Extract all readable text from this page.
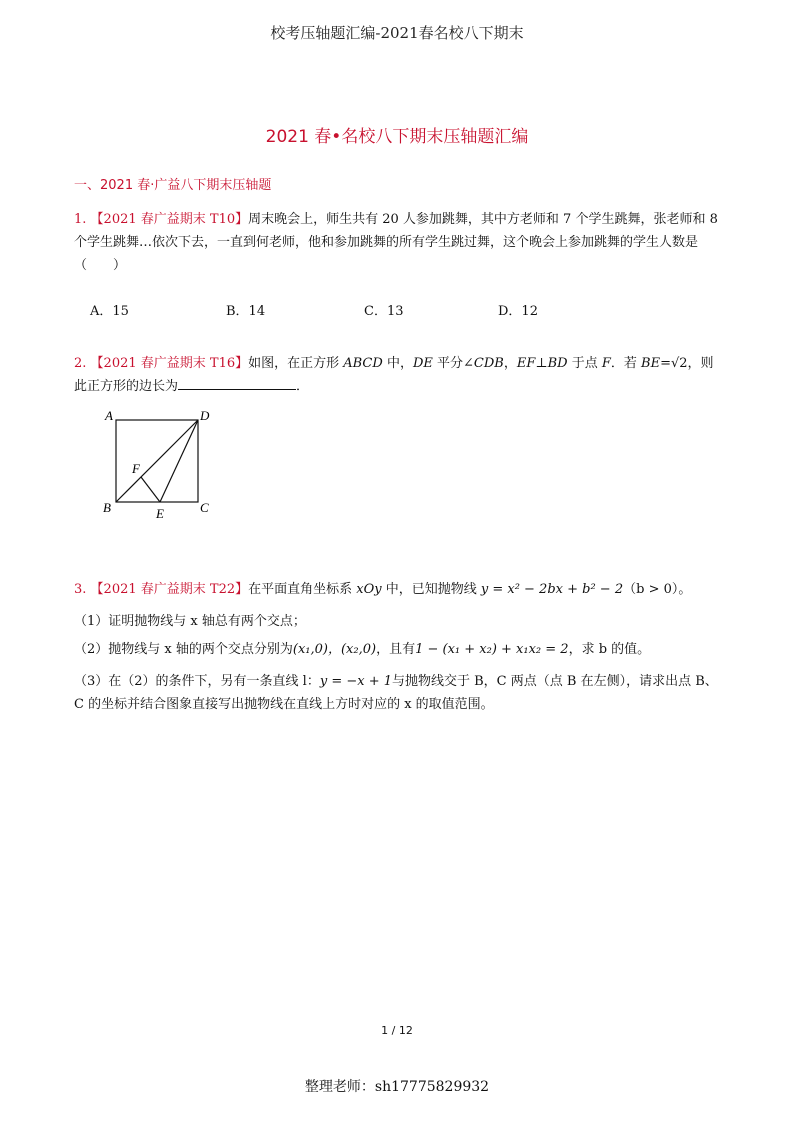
校考压轴题汇编-2021春名校八下期末
2021 春•名校八下期末压轴题汇编
一、2021 春·广益八下期末压轴题
1. 【2021 春广益期末 T10】周末晚会上，师生共有 20 人参加跳舞，其中方老师和 7 个学生跳舞，张老师和 8 个学生跳舞…依次下去，一直到何老师，他和参加跳舞的所有学生跳过舞，这个晚会上参加跳舞的学生人数是（　　）
A．15	B．14	C．13	D．12
2. 【2021 春广益期末 T16】如图，在正方形 ABCD 中，DE 平分∠CDB，EF⊥BD 于点 F．若 BE=√2，则此正方形的边长为	．
A	D
B	C
E
F
3. 【2021 春广益期末 T22】在平面直角坐标系 xOy 中，已知抛物线 y = x² − 2bx + b² − 2（b > 0）。
（1）证明抛物线与 x 轴总有两个交点；
（2）抛物线与 x 轴的两个交点分别为(x₁,0)，(x₂,0)，且有1 − (x₁ + x₂) + x₁x₂ = 2，求 b 的值。
（3）在（2）的条件下，另有一条直线 l：y = −x + 1与抛物线交于 B，C 两点（点 B 在左侧），请求出点 B、C 的坐标并结合图象直接写出抛物线在直线上方时对应的 x 的取值范围。
1 / 12
整理老师：sh17775829932
